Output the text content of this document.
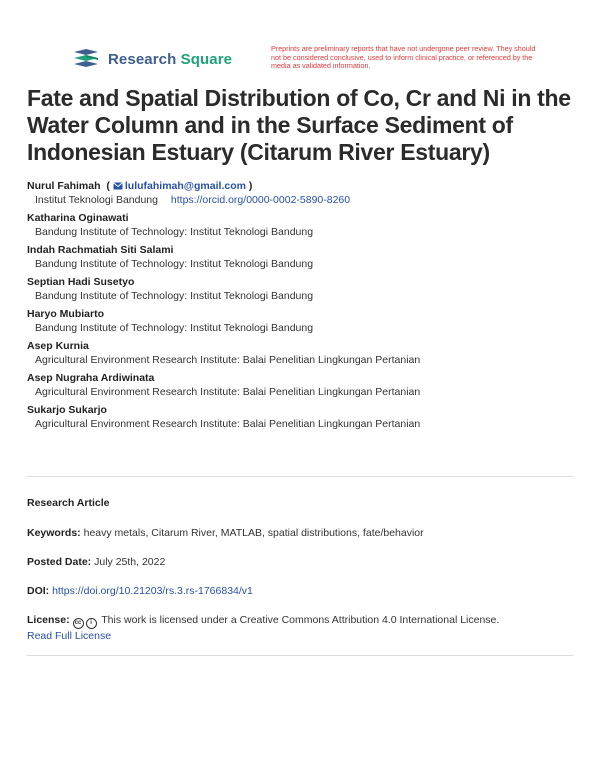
Research Square
Preprints are preliminary reports that have not undergone peer review. They should not be considered conclusive, used to inform clinical practice, or referenced by the media as validated information.
Fate and Spatial Distribution of Co, Cr and Ni in the Water Column and in the Surface Sediment of Indonesian Estuary (Citarum River Estuary)
Nurul Fahimah  ( lulufahimah@gmail.com )
Institut Teknologi Bandung https://orcid.org/0000-0002-5890-8260
Katharina Oginawati
Bandung Institute of Technology: Institut Teknologi Bandung
Indah Rachmatiah Siti Salami
Bandung Institute of Technology: Institut Teknologi Bandung
Septian Hadi Susetyo
Bandung Institute of Technology: Institut Teknologi Bandung
Haryo Mubiarto
Bandung Institute of Technology: Institut Teknologi Bandung
Asep Kurnia
Agricultural Environment Research Institute: Balai Penelitian Lingkungan Pertanian
Asep Nugraha Ardiwinata
Agricultural Environment Research Institute: Balai Penelitian Lingkungan Pertanian
Sukarjo Sukarjo
Agricultural Environment Research Institute: Balai Penelitian Lingkungan Pertanian
Research Article
Keywords: heavy metals, Citarum River, MATLAB, spatial distributions, fate/behavior
Posted Date: July 25th, 2022
DOI: https://doi.org/10.21203/rs.3.rs-1766834/v1
License: cc i This work is licensed under a Creative Commons Attribution 4.0 International License.
Read Full License
